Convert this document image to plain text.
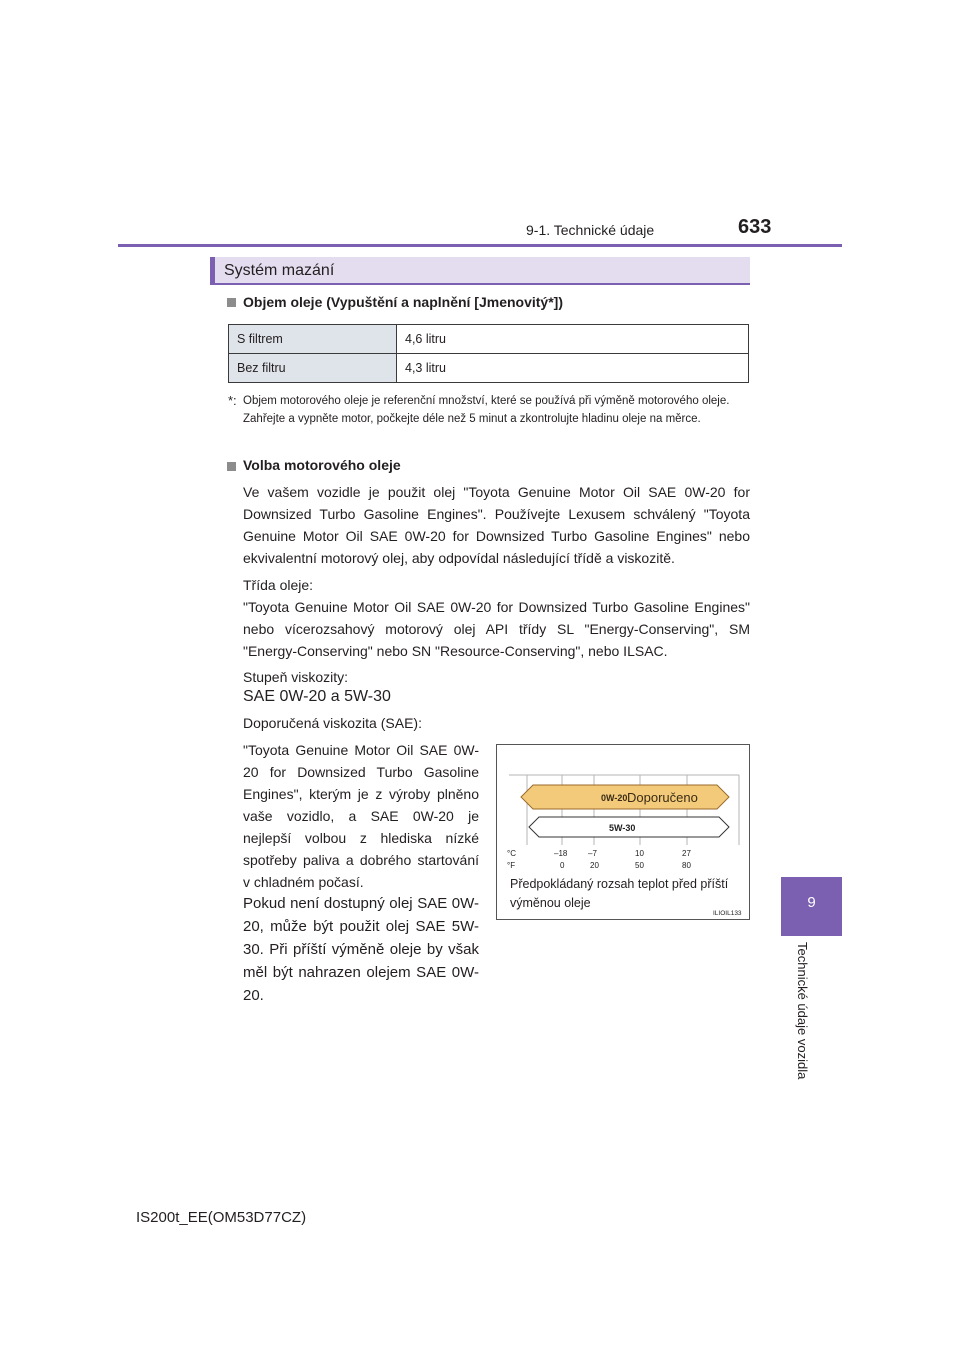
9-1. Technické údaje	633
9
Technické údaje vozidla
Systém mazání
Objem oleje (Vypuštění a naplnění [Jmenovitý*])
S filtrem	4,6 litru
Bez filtru	4,3 litru
*: Objem motorového oleje je referenční množství, které se používá při výměně motorového oleje. Zahřejte a vypněte motor, počkejte déle než 5 minut a zkontrolujte hladinu oleje na měrce.
Volba motorového oleje
Ve vašem vozidle je použit olej "Toyota Genuine Motor Oil SAE 0W-20 for Downsized Turbo Gasoline Engines". Používejte Lexusem schválený "Toyota Genuine Motor Oil SAE 0W-20 for Downsized Turbo Gasoline Engines" nebo ekvivalentní motorový olej, aby odpovídal následující třídě a viskozitě.
Třída oleje:
"Toyota Genuine Motor Oil SAE 0W-20 for Downsized Turbo Gasoline Engines" nebo vícerozsahový motorový olej API třídy SL "Energy-Conserving", SM "Energy-Conserving" nebo SN "Resource-Conserving", nebo ILSAC.
Stupeň viskozity:
SAE 0W-20 a 5W-30
Doporučená viskozita (SAE):
"Toyota Genuine Motor Oil SAE 0W-20 for Downsized Turbo Gasoline Engines", kterým je z výroby plněno vaše vozidlo, a SAE 0W-20 je nejlepší volbou z hlediska nízké spotřeby paliva a dobrého startování v chladném počasí.
Pokud není dostupný olej SAE 0W-20, může být použit olej SAE 5W-30. Při příští výměně oleje by však měl být nahrazen olejem SAE 0W-20.
0W-20 Doporučeno
5W-30
°C
°F
–18	–7	10	27
0	20	50	80
ILIOIL133
Předpokládaný rozsah teplot před příští výměnou oleje
IS200t_EE(OM53D77CZ)
